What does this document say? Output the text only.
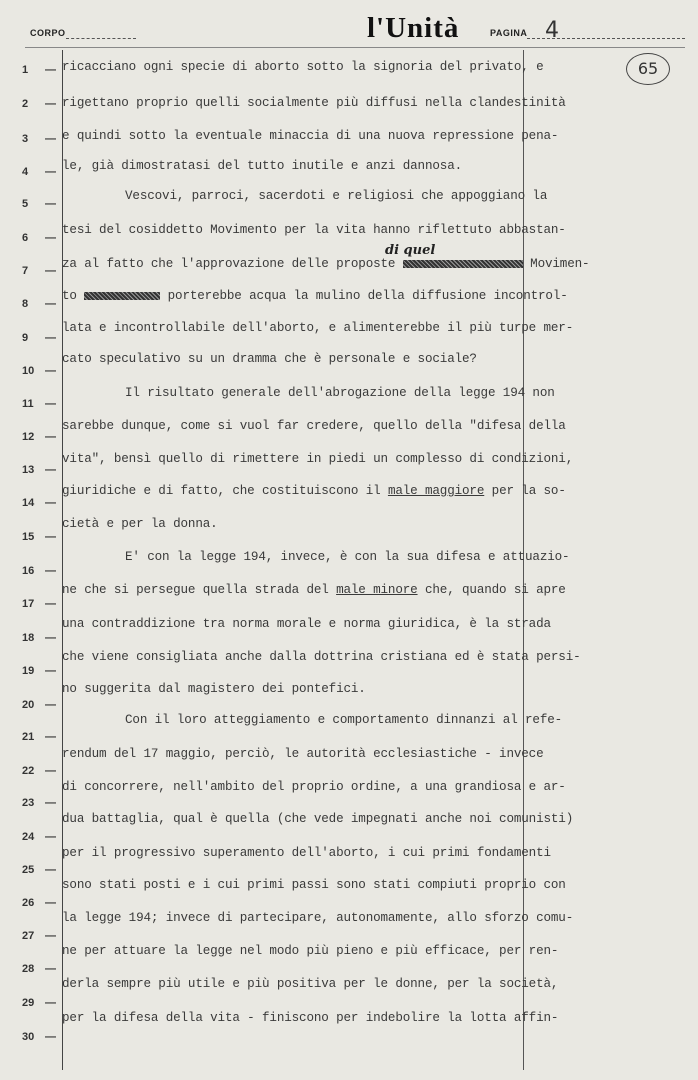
CORPO	l'Unità	PAGINA 4
65
1	—
2	—
3	—
4	—
5	—
6	—
7	—
8	—
9	—
10 —
11	—
12 —
13 —
14 —
15 —
16 —
17 —
18 —
19 —
20 —
21 —
22 —
23 —
24 —
25 —
26 —
27 —
28 —
29 —
30 —
di quel
ricacciano ogni specie di aborto sotto la signoria del privato, e
rigettano proprio quelli socialmente più diffusi nella clandestinità
e quindi sotto la eventuale minaccia di una nuova repressione pena-
le, già dimostratasi del tutto inutile e anzi dannosa.
Vescovi, parroci, sacerdoti e religiosi che appoggiano la
tesi del cosiddetto Movimento per la vita hanno riflettuto abbastan-
za al fatto che l'approvazione delle proposte	Movimen-
to	porterebbe acqua la mulino della diffusione incontrol-
lata e incontrollabile dell'aborto, e alimenterebbe il più turpe mer-
cato speculativo su un dramma che è personale e sociale?
Il risultato generale dell'abrogazione della legge 194 non
sarebbe dunque, come si vuol far credere, quello della "difesa della
vita", bensì quello di rimettere in piedi un complesso di condizioni,
giuridiche e di fatto, che costituiscono il male maggiore per la so-
cietà e per la donna.
E' con la legge 194, invece, è con la sua difesa e attuazio-
ne che si persegue quella strada del male minore che, quando si apre
una contraddizione tra norma morale e norma giuridica, è la strada
che viene consigliata anche dalla dottrina cristiana ed è stata persi-
no suggerita dal magistero dei pontefici.
Con il loro atteggiamento e comportamento dinnanzi al refe-
rendum del 17 maggio, perciò, le autorità ecclesiastiche - invece
di concorrere, nell'ambito del proprio ordine, a una grandiosa e ar-
dua battaglia, qual è quella (che vede impegnati anche noi comunisti)
per il progressivo superamento dell'aborto, i cui primi fondamenti
sono stati posti e i cui primi passi sono stati compiuti proprio con
la legge 194; invece di partecipare, autonomamente, allo sforzo comu-
ne per attuare la legge nel modo più pieno e più efficace, per ren-
derla sempre più utile e più positiva per le donne, per la società,
per la difesa della vita - finiscono per indebolire la lotta affin-
